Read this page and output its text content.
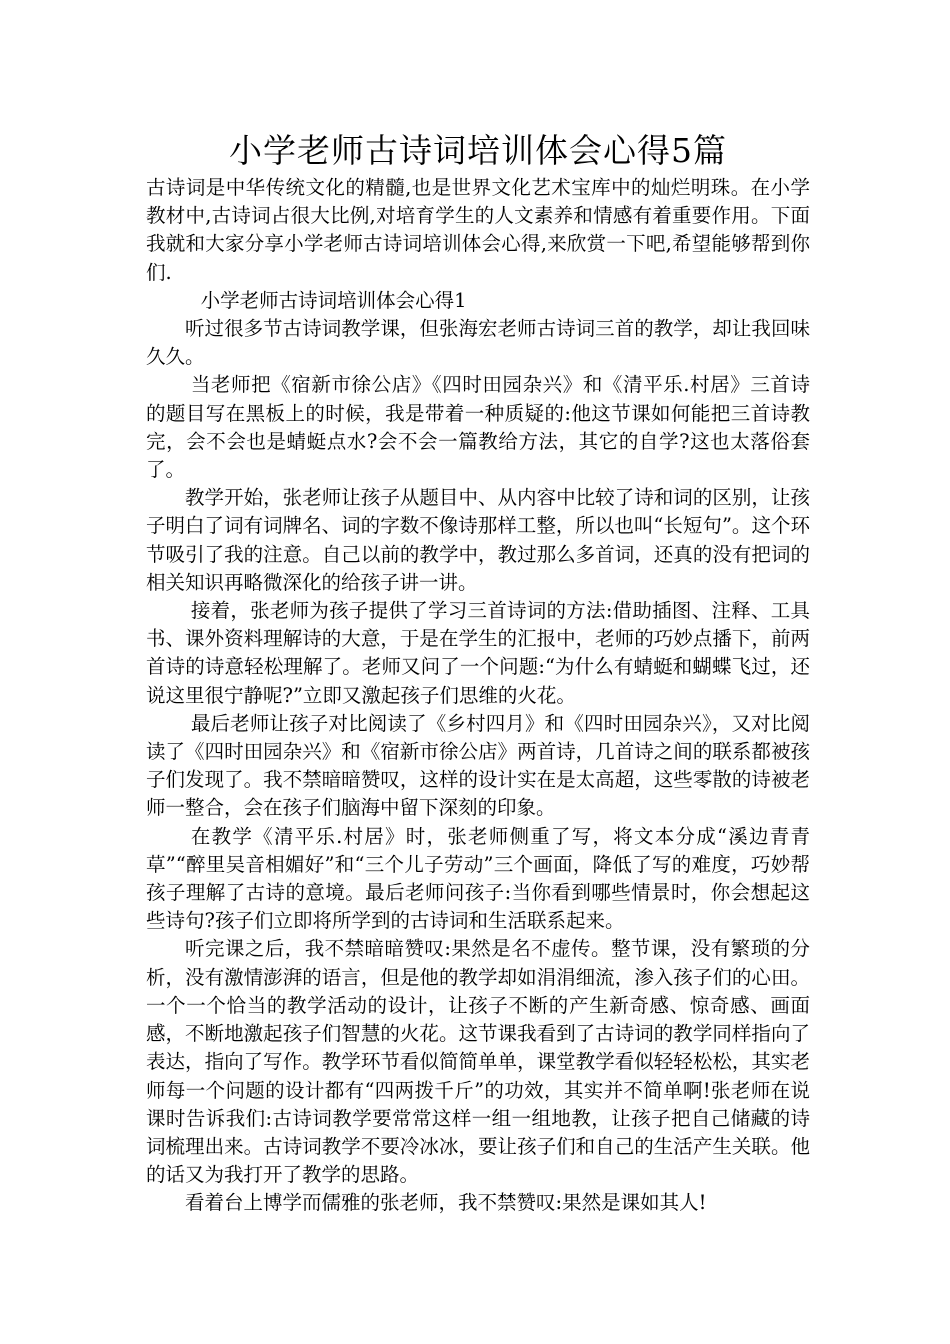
小学老师古诗词培训体会心得5篇

古诗词是中华传统文化的精髓,也是世界文化艺术宝库中的灿烂明珠。在小学教材中,古诗词占很大比例,对培育学生的人文素养和情感有着重要作用。下面我就和大家分享小学老师古诗词培训体会心得,来欣赏一下吧,希望能够帮到你们.

小学老师古诗词培训体会心得1

听过很多节古诗词教学课，但张海宏老师古诗词三首的教学，却让我回味久久。

当老师把《宿新市徐公店》《四时田园杂兴》和《清平乐.村居》三首诗的题目写在黑板上的时候，我是带着一种质疑的:他这节课如何能把三首诗教完，会不会也是蜻蜓点水?会不会一篇教给方法，其它的自学?这也太落俗套了。

教学开始，张老师让孩子从题目中、从内容中比较了诗和词的区别，让孩子明白了词有词牌名、词的字数不像诗那样工整，所以也叫“长短句”。这个环节吸引了我的注意。自己以前的教学中，教过那么多首词，还真的没有把词的相关知识再略微深化的给孩子讲一讲。

接着，张老师为孩子提供了学习三首诗词的方法:借助插图、注释、工具书、课外资料理解诗的大意，于是在学生的汇报中，老师的巧妙点播下，前两首诗的诗意轻松理解了。老师又问了一个问题:“为什么有蜻蜓和蝴蝶飞过，还说这里很宁静呢?”立即又激起孩子们思维的火花。

最后老师让孩子对比阅读了《乡村四月》和《四时田园杂兴》，又对比阅读了《四时田园杂兴》和《宿新市徐公店》两首诗，几首诗之间的联系都被孩子们发现了。我不禁暗暗赞叹，这样的设计实在是太高超，这些零散的诗被老师一整合，会在孩子们脑海中留下深刻的印象。

在教学《清平乐.村居》时，张老师侧重了写，将文本分成“溪边青青草”“醉里吴音相媚好”和“三个儿子劳动”三个画面，降低了写的难度，巧妙帮孩子理解了古诗的意境。最后老师问孩子:当你看到哪些情景时，你会想起这些诗句?孩子们立即将所学到的古诗词和生活联系起来。

听完课之后，我不禁暗暗赞叹:果然是名不虚传。整节课，没有繁琐的分析，没有激情澎湃的语言，但是他的教学却如涓涓细流，渗入孩子们的心田。一个一个恰当的教学活动的设计，让孩子不断的产生新奇感、惊奇感、画面感，不断地激起孩子们智慧的火花。这节课我看到了古诗词的教学同样指向了表达，指向了写作。教学环节看似简简单单，课堂教学看似轻轻松松，其实老师每一个问题的设计都有“四两拨千斤”的功效，其实并不简单啊!张老师在说课时告诉我们:古诗词教学要常常这样一组一组地教，让孩子把自己储藏的诗词梳理出来。古诗词教学不要冷冰冰，要让孩子们和自己的生活产生关联。他的话又为我打开了教学的思路。

看着台上博学而儒雅的张老师，我不禁赞叹:果然是课如其人!
